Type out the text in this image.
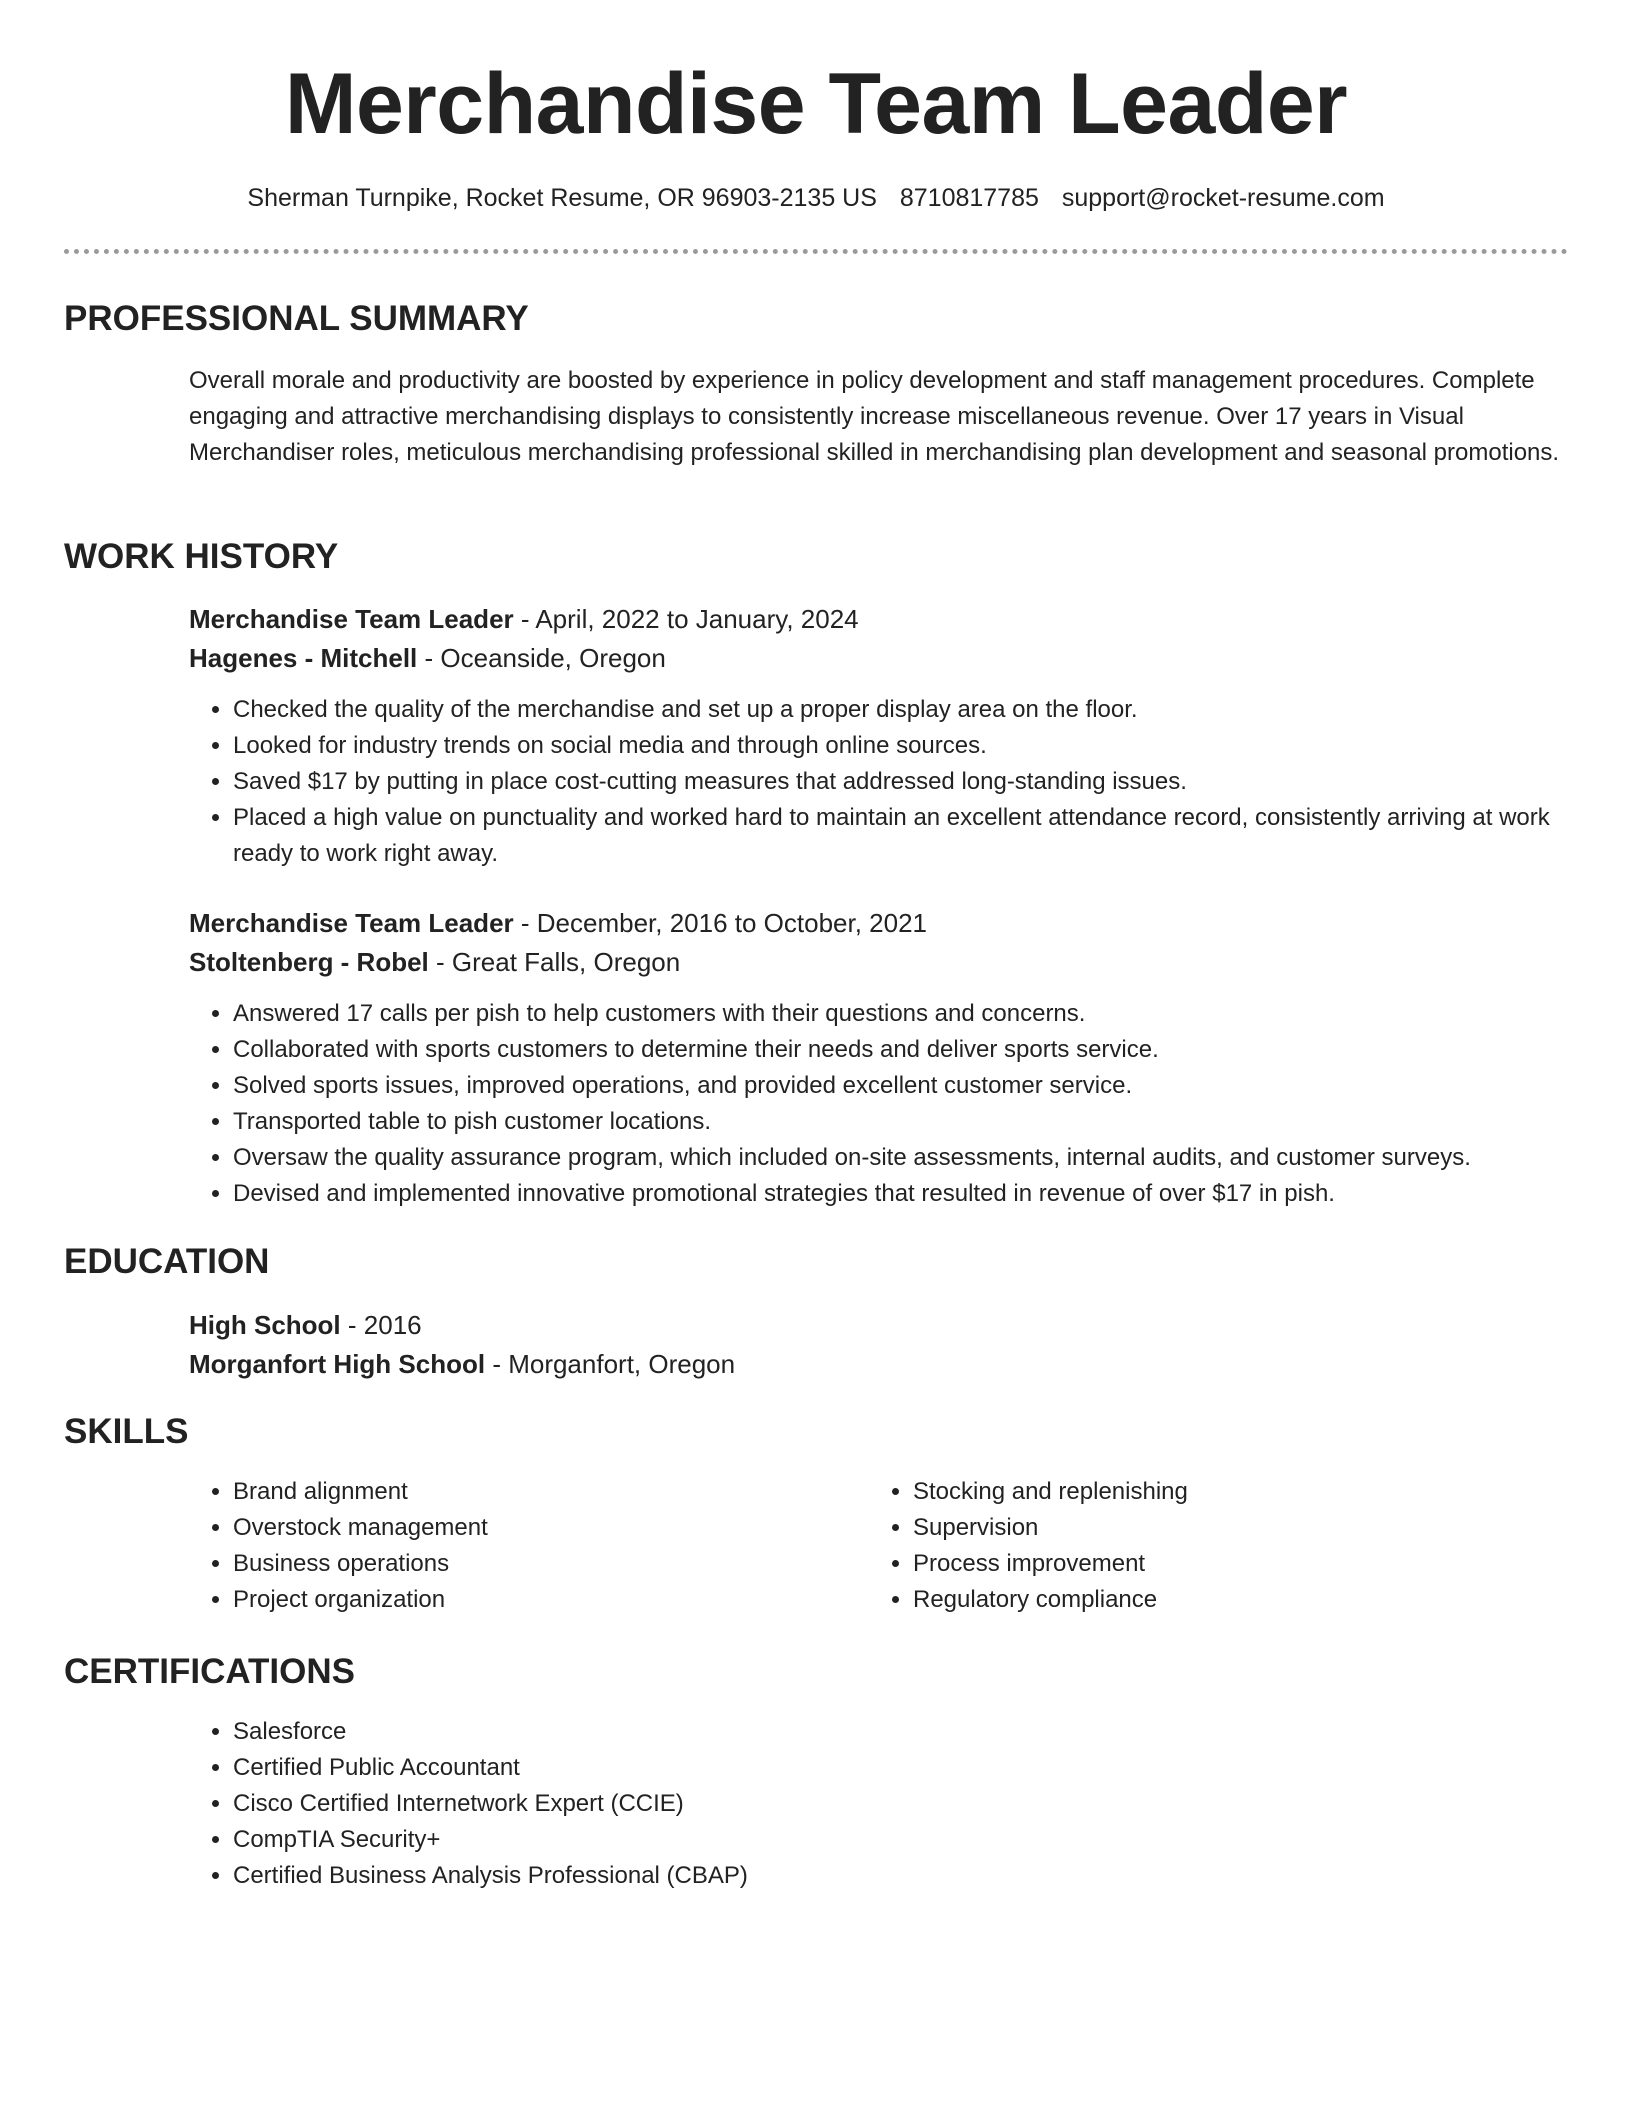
Merchandise Team Leader
Sherman Turnpike, Rocket Resume, OR 96903-2135 US 8710817785 support@rocket-resume.com
PROFESSIONAL SUMMARY

Overall morale and productivity are boosted by experience in policy development and staff management procedures. Complete engaging and attractive merchandising displays to consistently increase miscellaneous revenue. Over 17 years in Visual Merchandiser roles, meticulous merchandising professional skilled in merchandising plan development and seasonal promotions.

WORK HISTORY
Merchandise Team Leader - April, 2022 to January, 2024
Hagenes - Mitchell - Oceanside, Oregon
• Checked the quality of the merchandise and set up a proper display area on the floor.
• Looked for industry trends on social media and through online sources.
• Saved $17 by putting in place cost-cutting measures that addressed long-standing issues.
• Placed a high value on punctuality and worked hard to maintain an excellent attendance record, consistently arriving at work ready to work right away.
Merchandise Team Leader - December, 2016 to October, 2021
Stoltenberg - Robel - Great Falls, Oregon
• Answered 17 calls per pish to help customers with their questions and concerns.
• Collaborated with sports customers to determine their needs and deliver sports service.
• Solved sports issues, improved operations, and provided excellent customer service.
• Transported table to pish customer locations.
• Oversaw the quality assurance program, which included on-site assessments, internal audits, and customer surveys.
• Devised and implemented innovative promotional strategies that resulted in revenue of over $17 in pish.
EDUCATION
High School - 2016
Morganfort High School - Morganfort, Oregon
SKILLS
• Brand alignment
• Overstock management
• Business operations
• Project organization
• Stocking and replenishing
• Supervision
• Process improvement
• Regulatory compliance
CERTIFICATIONS
• Salesforce
• Certified Public Accountant
• Cisco Certified Internetwork Expert (CCIE)
• CompTIA Security+
• Certified Business Analysis Professional (CBAP)
